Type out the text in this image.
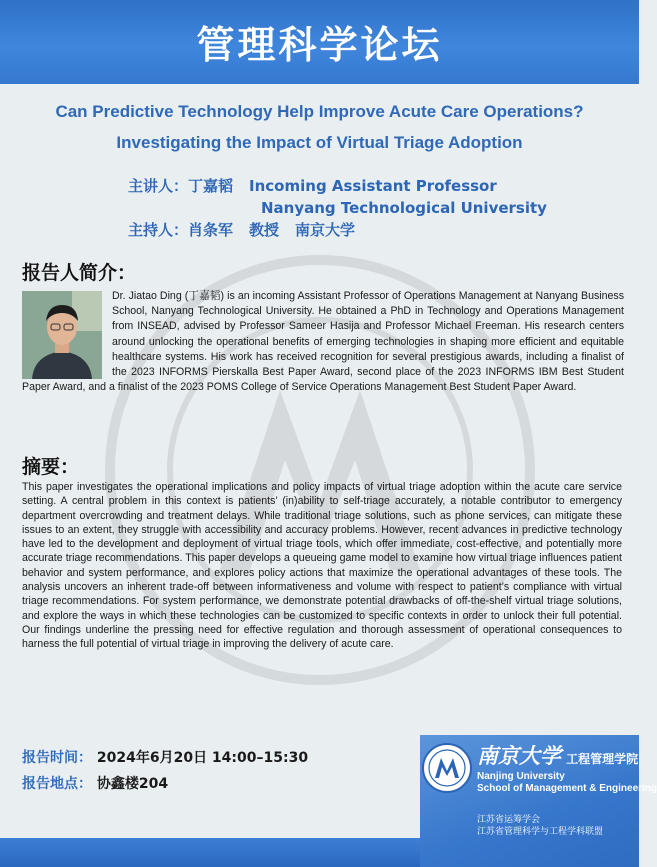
管理科学论坛
Can Predictive Technology Help Improve Acute Care Operations?
Investigating the Impact of Virtual Triage Adoption
主讲人：丁嘉韬 Incoming Assistant Professor
Nanyang Technological University
主持人：肖条军 教授 南京大学
报告人简介：
Dr. Jiatao Ding (丁嘉韬) is an incoming Assistant Professor of Operations Management at Nanyang Business School, Nanyang Technological University. He obtained a PhD in Technology and Operations Management from INSEAD, advised by Professor Sameer Hasija and Professor Michael Freeman. His research centers around unlocking the operational benefits of emerging technologies in shaping more efficient and equitable healthcare systems. His work has received recognition for several prestigious awards, including a finalist of the 2023 INFORMS Pierskalla Best Paper Award, second place of the 2023 INFORMS IBM Best Student Paper Award, and a finalist of the 2023 POMS College of Service Operations Management Best Student Paper Award.
摘要：
This paper investigates the operational implications and policy impacts of virtual triage adoption within the acute care service setting. A central problem in this context is patients’ (in)ability to self-triage accurately, a notable contributor to emergency department overcrowding and treatment delays. While traditional triage solutions, such as phone services, can mitigate these issues to an extent, they struggle with accessibility and accuracy problems. However, recent advances in predictive technology have led to the development and deployment of virtual triage tools, which offer immediate, cost-effective, and potentially more accurate triage recommendations. This paper develops a queueing game model to examine how virtual triage influences patient behavior and system performance, and explores policy actions that maximize the operational advantages of these tools. The analysis uncovers an inherent trade-off between informativeness and volume with respect to patient’s compliance with virtual triage recommendations. For system performance, we demonstrate potential drawbacks of off-the-shelf virtual triage solutions, and explore the ways in which these technologies can be customized to specific contexts in order to unlock their full potential. Our findings underline the pressing need for effective regulation and thorough assessment of operational consequences to harness the full potential of virtual triage in improving the delivery of acute care.
报告时间： 2024年6月20日 14:00–15:30
报告地点： 协鑫楼204
南京大学 工程管理学院
Nanjing University
School of Management & Engineering
江苏省运筹学会
江苏省管理科学与工程学科联盟
